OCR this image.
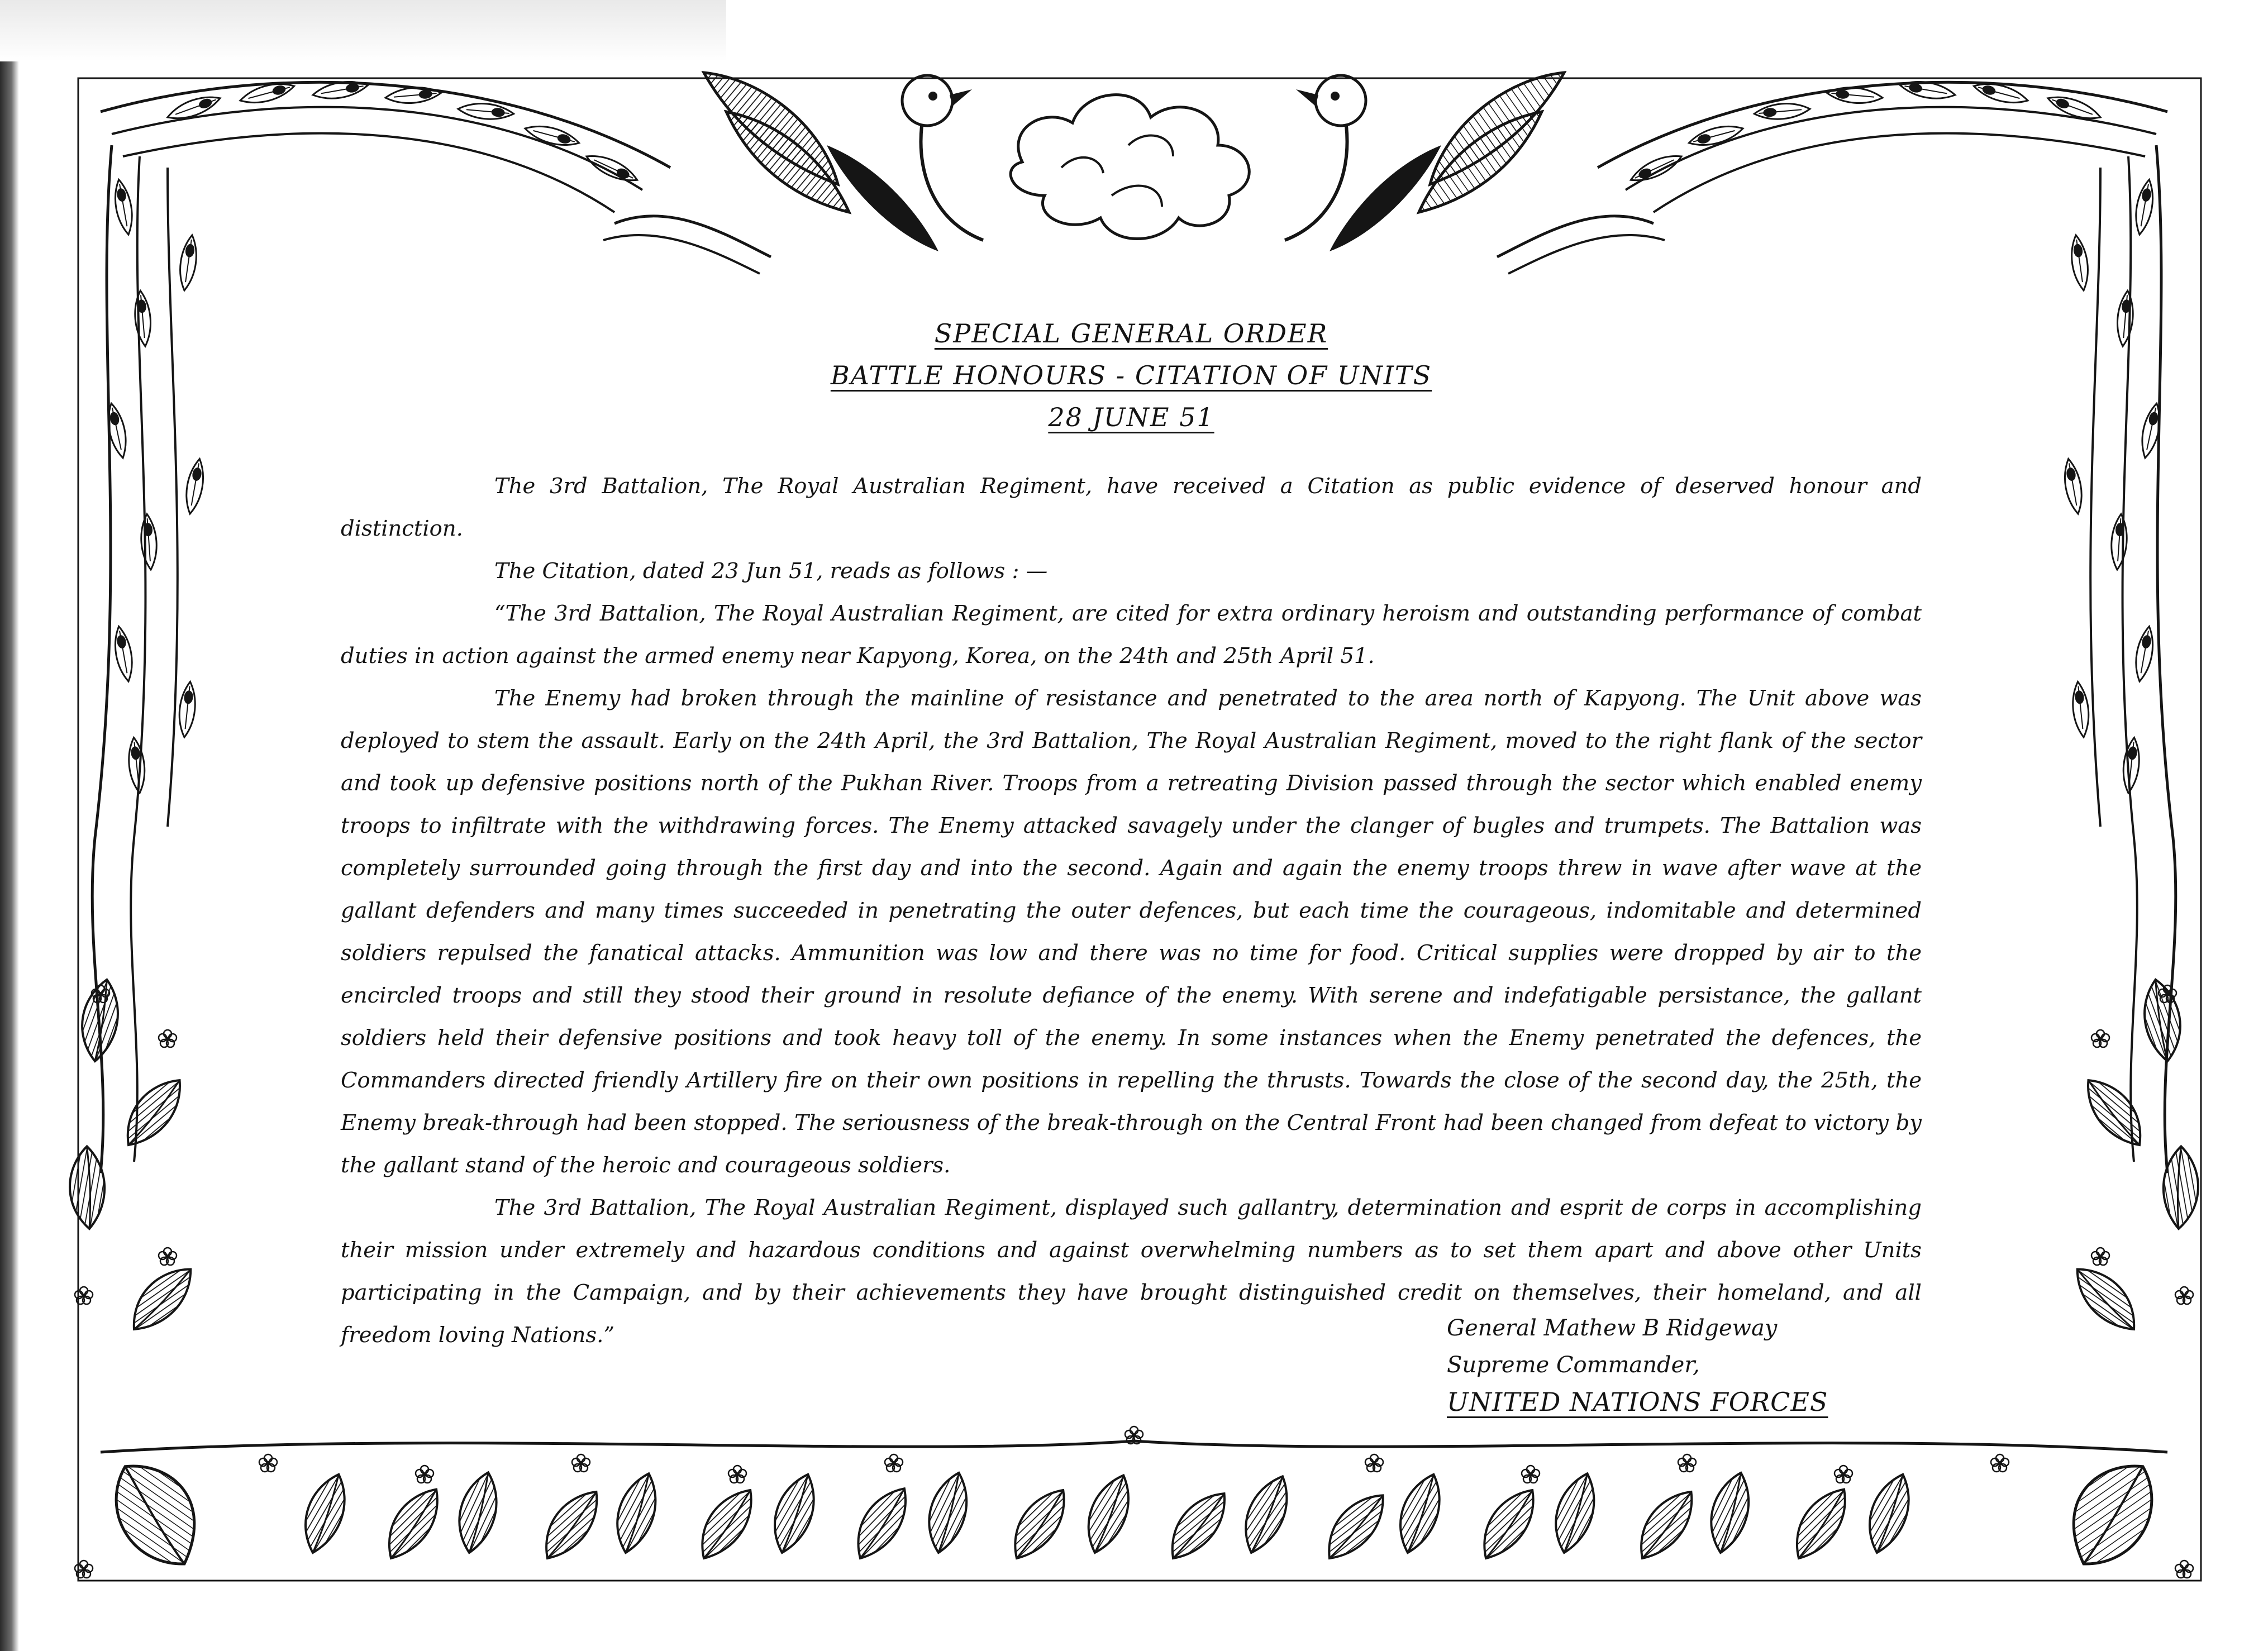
SPECIAL GENERAL ORDER
BATTLE HONOURS - CITATION OF UNITS
28 JUNE 51

The 3rd Battalion, The Royal Australian Regiment, have received a Citation as public evidence of deserved honour and distinction.

The Citation, dated 23 Jun 51, reads as follows : —

“The 3rd Battalion, The Royal Australian Regiment, are cited for extra ordinary heroism and outstanding performance of combat duties in action against the armed enemy near Kapyong, Korea, on the 24th and 25th April 51.

The Enemy had broken through the mainline of resistance and penetrated to the area north of Kapyong. The Unit above was deployed to stem the assault. Early on the 24th April, the 3rd Battalion, The Royal Australian Regiment, moved to the right flank of the sector and took up defensive positions north of the Pukhan River. Troops from a retreating Division passed through the sector which enabled enemy troops to infiltrate with the withdrawing forces. The Enemy attacked savagely under the clanger of bugles and trumpets. The Battalion was completely surrounded going through the first day and into the second. Again and again the enemy troops threw in wave after wave at the gallant defenders and many times succeeded in penetrating the outer defences, but each time the courageous, indomitable and determined soldiers repulsed the fanatical attacks. Ammunition was low and there was no time for food. Critical supplies were dropped by air to the encircled troops and still they stood their ground in resolute defiance of the enemy. With serene and indefatigable persistance, the gallant soldiers held their defensive positions and took heavy toll of the enemy. In some instances when the Enemy penetrated the defences, the Commanders directed friendly Artillery fire on their own positions in repelling the thrusts. Towards the close of the second day, the 25th, the Enemy break-through had been stopped. The seriousness of the break-through on the Central Front had been changed from defeat to victory by the gallant stand of the heroic and courageous soldiers.

The 3rd Battalion, The Royal Australian Regiment, displayed such gallantry, determination and esprit de corps in accomplishing their mission under extremely and hazardous conditions and against overwhelming numbers as to set them apart and above other Units participating in the Campaign, and by their achievements they have brought distinguished credit on themselves, their homeland, and all freedom loving Nations.”	General Mathew B Ridgeway
Supreme Commander,
UNITED NATIONS FORCES
